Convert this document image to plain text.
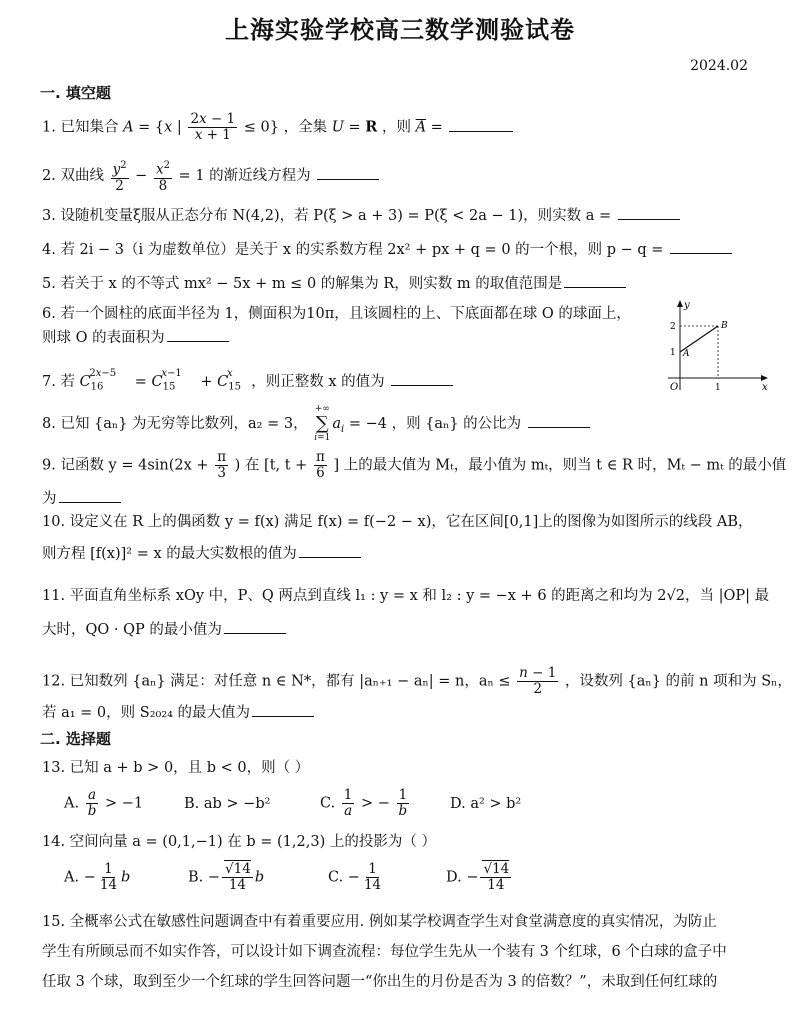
上海实验学校高三数学测验试卷
2024.02
一. 填空题
1. 已知集合 A = {x | $\frac{2x - 1}{x + 1} \le 0$} ，全集 U = R ，则 $\overline{A}$ =
2. 双曲线 $\frac{y^2}{2} - \frac{x^2}{8} = 1$ 的渐近线方程为
3. 设随机变量ξ服从正态分布 N(4,2)，若 P(ξ > a + 3) = P(ξ < 2a − 1)，则实数 a =
4. 若 2i − 3（i 为虚数单位）是关于 x 的实系数方程 2x² + px + q = 0 的一个根，则 p − q =
5. 若关于 x 的不等式 mx² − 5x + m ≤ 0 的解集为 R，则实数 m 的取值范围是
6. 若一个圆柱的底面半径为 1，侧面积为10π，且该圆柱的上、下底面都在球 O 的球面上，
则球 O 的表面积为
y
x
O
2
1
1
A
B
7. 若 $C_{16}^{2x-5} = C_{15}^{x-1} + C_{15}^x$ ，则正整数 x 的值为
8. 已知 {aₙ} 为无穷等比数列，a₂ = 3，
+∞
∑
i=1
$a_i = -4$ ，则 {aₙ} 的公比为
9. 记函数 $y = 4\sin(2x + \frac{\pi}{3}$ ) 在 [t, $t + \frac{\pi}{6}$ ] 上的最大值为 Mₜ，最小值为 mₜ，则当 t ∈ R 时，Mₜ − mₜ 的最小值
为
10. 设定义在 R 上的偶函数 y = f(x) 满足 f(x) = f(−2 − x)，它在区间[0,1]上的图像为如图所示的线段 AB，
则方程 [f(x)]² = x 的最大实数根的值为
11. 平面直角坐标系 xOy 中，P、Q 两点到直线 l₁ : y = x 和 l₂ : y = −x + 6 的距离之和均为 2√2，当 |OP| 最
大时，QO · QP 的最小值为
12. 已知数列 {aₙ} 满足：对任意 n ∈ N*，都有 |aₙ₊₁ − aₙ| = n，$a_n \le \frac{n - 1}{2}$ ，设数列 {aₙ} 的前 n 项和为 Sₙ，
若 a₁ = 0，则 S₂₀₂₄ 的最大值为
二. 选择题
13. 已知 a + b > 0，且 b < 0，则（ ）
A. $\frac{a}{b} > -1$	B. ab > −b²	C. $\frac{1}{a}$ > − $\frac{1}{b}$	D. a² > b²
14. 空间向量 a = (0,1,−1) 在 b = (1,2,3) 上的投影为（ ）
A. − $\frac{1}{14}$ b	B. − $\frac{√14}{14}$ b	C. − $\frac{1}{14}$	D. − $\frac{√14}{14}$
15. 全概率公式在敏感性问题调查中有着重要应用. 例如某学校调查学生对食堂满意度的真实情况，为防止
学生有所顾忌而不如实作答，可以设计如下调查流程：每位学生先从一个装有 3 个红球，6 个白球的盒子中
任取 3 个球，取到至少一个红球的学生回答问题一“你出生的月份是否为 3 的倍数？”，未取到任何红球的
